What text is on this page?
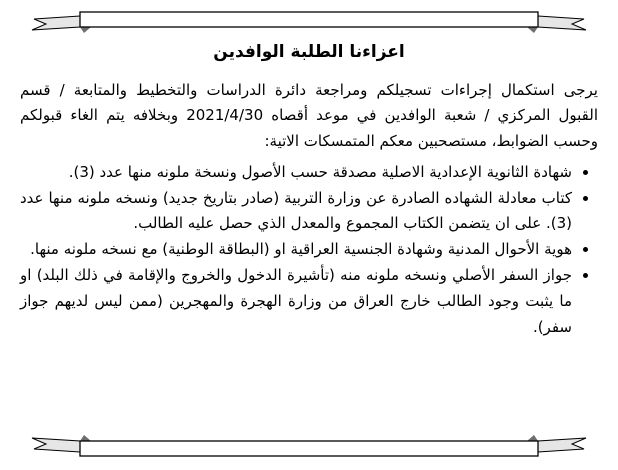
اعزاءنا الطلبة الوافدين

يرجى استكمال إجراءات تسجيلكم ومراجعة دائرة الدراسات والتخطيط والمتابعة / قسم القبول المركزي / شعبة الوافدين في موعد أقصاه 2021/4/30 وبخلافه يتم الغاء قبولكم وحسب الضوابط، مستصحبين معكم المتمسكات الاتية:

• شهادة الثانوية الإعدادية الاصلية مصدقة حسب الأصول ونسخة ملونه منها عدد (3).
• كتاب معادلة الشهاده الصادرة عن وزارة التربية (صادر بتاريخ جديد) ونسخه ملونه منها عدد (3). على ان يتضمن الكتاب المجموع والمعدل الذي حصل عليه الطالب.
• هوية الأحوال المدنية وشهادة الجنسية العراقية او (البطاقة الوطنية) مع نسخه ملونه منها.
• جواز السفر الأصلي ونسخه ملونه منه (تأشيرة الدخول والخروج والإقامة في ذلك البلد) او ما يثبت وجود الطالب خارج العراق من وزارة الهجرة والمهجرين (ممن ليس لديهم جواز سفر).
